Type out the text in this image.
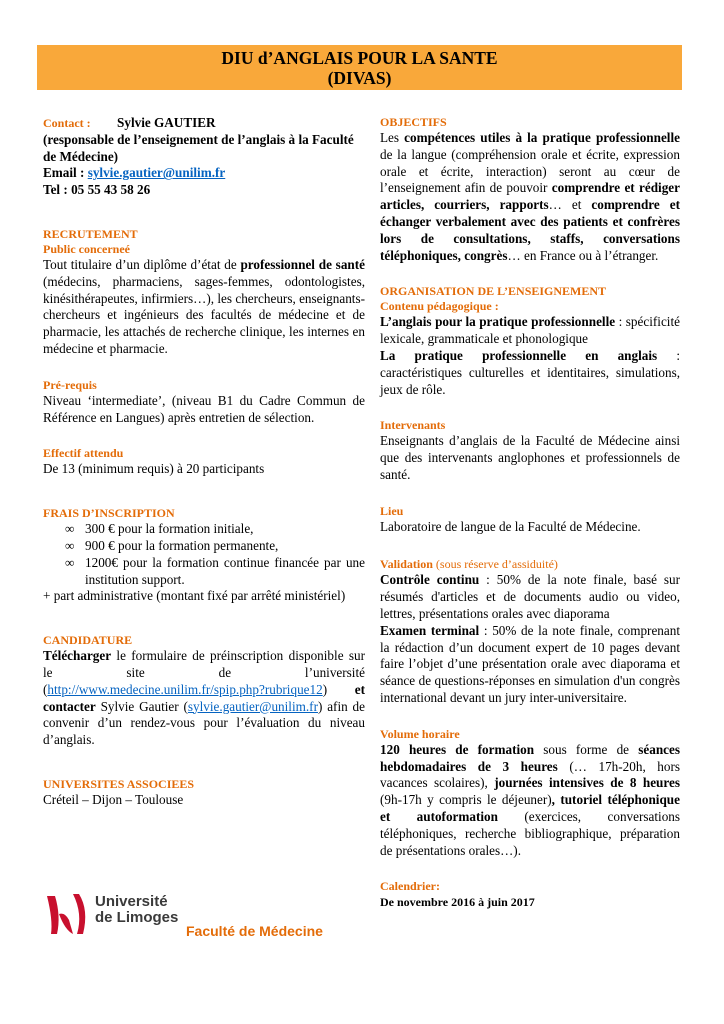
DIU d’ANGLAIS POUR LA SANTE
(DIVAS)

Contact : Sylvie GAUTIER

(responsable de l’enseignement de l’anglais à la Faculté de Médecine)

Email : sylvie.gautier@unilim.fr

Tel : 05 55 43 58 26

RECRUTEMENT
Public concerneé

Tout titulaire d’un diplôme d’état de professionnel de santé (médecins, pharmaciens, sages-femmes, odontologistes, kinésithérapeutes, infirmiers…), les chercheurs, enseignants-chercheurs et ingénieurs des facultés de médecine et de pharmacie, les attachés de recherche clinique, les internes en médecine et pharmacie.

Pré-requis

Niveau ‘intermediate’, (niveau B1 du Cadre Commun de Référence en Langues) après entretien de sélection.

Effectif attendu

De 13 (minimum requis) à 20 participants

FRAIS D’INSCRIPTION
∞ 300 € pour la formation initiale,
∞ 900 € pour la formation permanente,
∞ 1200€ pour la formation continue financée par une institution support.

+ part administrative (montant fixé par arrêté ministériel)

CANDIDATURE

Télécharger le formulaire de préinscription disponible sur le site de l’université (http://www.medecine.unilim.fr/spip.php?rubrique12) et contacter Sylvie Gautier (sylvie.gautier@unilim.fr) afin de convenir d’un rendez-vous pour l’évaluation du niveau d’anglais.

UNIVERSITES ASSOCIEES

Créteil – Dijon – Toulouse

Université
de Limoges
Faculté de Médecine
OBJECTIFS

Les compétences utiles à la pratique professionnelle de la langue (compréhension orale et écrite, expression orale et écrite, interaction) seront au cœur de l’enseignement afin de pouvoir comprendre et rédiger articles, courriers, rapports… et comprendre et échanger verbalement avec des patients et confrères lors de consultations, staffs, conversations téléphoniques, congrès… en France ou à l’étranger.

ORGANISATION DE L’ENSEIGNEMENT
Contenu pédagogique :

L’anglais pour la pratique professionnelle : spécificité lexicale, grammaticale et phonologique

La pratique professionnelle en anglais : caractéristiques culturelles et identitaires, simulations, jeux de rôle.

Intervenants

Enseignants d’anglais de la Faculté de Médecine ainsi que des intervenants anglophones et professionnels de santé.

Lieu

Laboratoire de langue de la Faculté de Médecine.

Validation (sous réserve d’assiduité)

Contrôle continu : 50% de la note finale, basé sur résumés d'articles et de documents audio ou video, lettres, présentations orales avec diaporama

Examen terminal : 50% de la note finale, comprenant la rédaction d’un document expert de 10 pages devant faire l’objet d’une présentation orale avec diaporama et séance de questions-réponses en simulation d'un congrès international devant un jury inter-universitaire.

Volume horaire

120 heures de formation sous forme de séances hebdomadaires de 3 heures (… 17h-20h, hors vacances scolaires), journées intensives de 8 heures (9h-17h y compris le déjeuner), tutoriel téléphonique et autoformation (exercices, conversations téléphoniques, recherche bibliographique, préparation de présentations orales…).

Calendrier:

De novembre 2016 à juin 2017
